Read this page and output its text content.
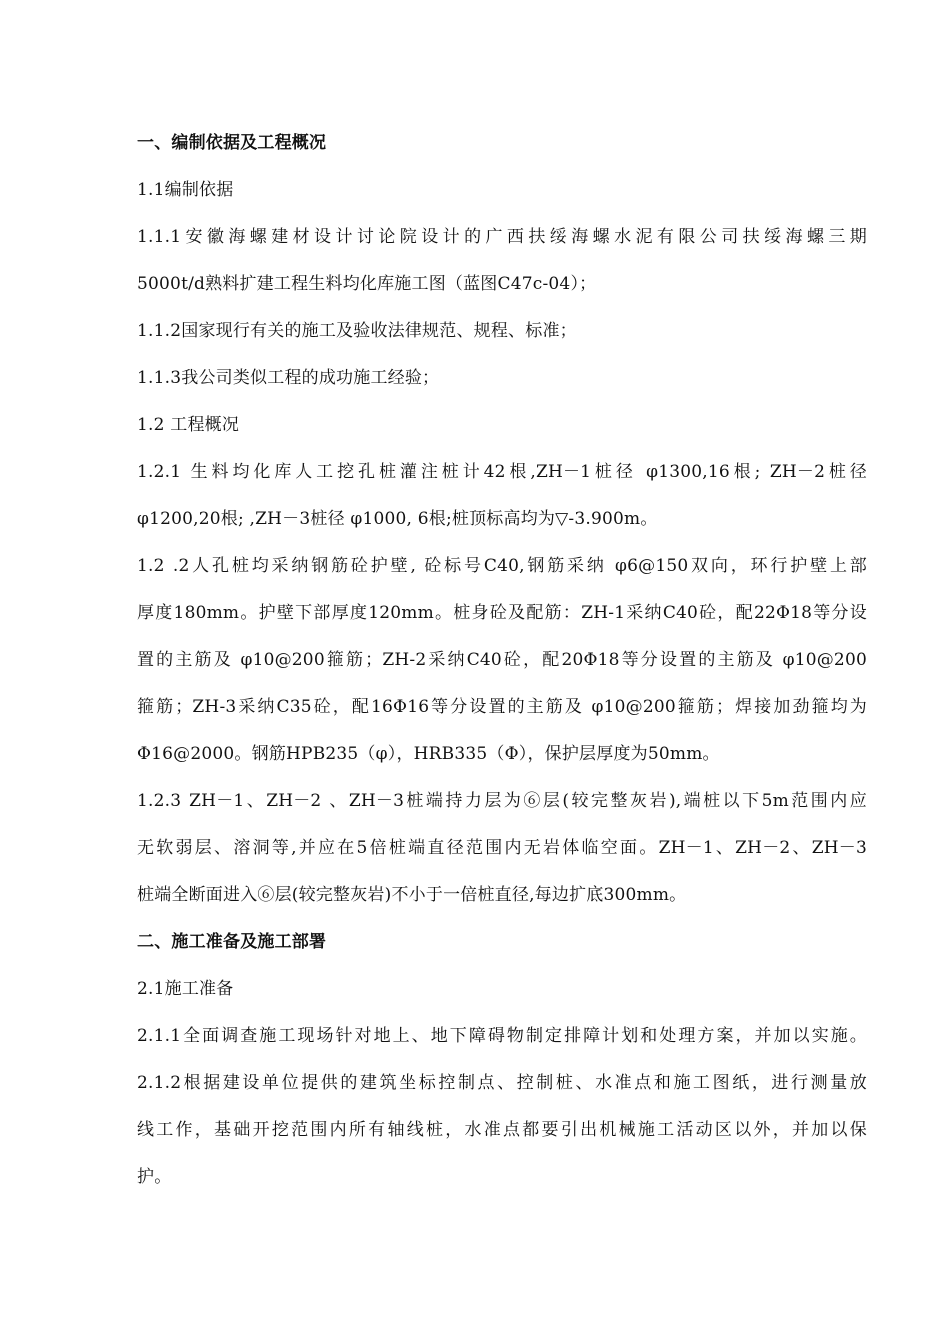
一、编制依据及工程概况
1.1编制依据
1.1.1安徽海螺建材设计讨论院设计的广西扶绥海螺水泥有限公司扶绥海螺三期
5000t/d熟料扩建工程生料均化库施工图（蓝图C47c-04）；
1.1.2国家现行有关的施工及验收法律规范、规程、标准；
1.1.3我公司类似工程的成功施工经验；
1.2 工程概况
1.2.1 生料均化库人工挖孔桩灌注桩计42根,ZH－1桩径 φ1300,16根; ZH－2桩径
φ1200,20根; ,ZH－3桩径 φ1000, 6根;桩顶标高均为▽-3.900m。
1.2 .2人孔桩均采纳钢筋砼护壁, 砼标号C40,钢筋采纳 φ6@150双向，环行护壁上部
厚度180mm。护壁下部厚度120mm。桩身砼及配筋：ZH-1采纳C40砼，配22Φ18等分设
置的主筋及 φ10@200箍筋；ZH-2采纳C40砼，配20Φ18等分设置的主筋及 φ10@200
箍筋；ZH-3采纳C35砼，配16Φ16等分设置的主筋及 φ10@200箍筋；焊接加劲箍均为
Φ16@2000。钢筋HPB235（φ），HRB335（Φ），保护层厚度为50mm。
1.2.3 ZH－1、ZH－2 、ZH－3桩端持力层为⑥层(较完整灰岩),端桩以下5m范围内应
无软弱层、溶洞等,并应在5倍桩端直径范围内无岩体临空面。ZH－1、ZH－2、ZH－3
桩端全断面进入⑥层(较完整灰岩)不小于一倍桩直径,每边扩底300mm。
二、施工准备及施工部署
2.1施工准备
2.1.1全面调查施工现场针对地上、地下障碍物制定排障计划和处理方案，并加以实施。
2.1.2根据建设单位提供的建筑坐标控制点、控制桩、水准点和施工图纸，进行测量放
线工作，基础开挖范围内所有轴线桩，水准点都要引出机械施工活动区以外，并加以保
护。
